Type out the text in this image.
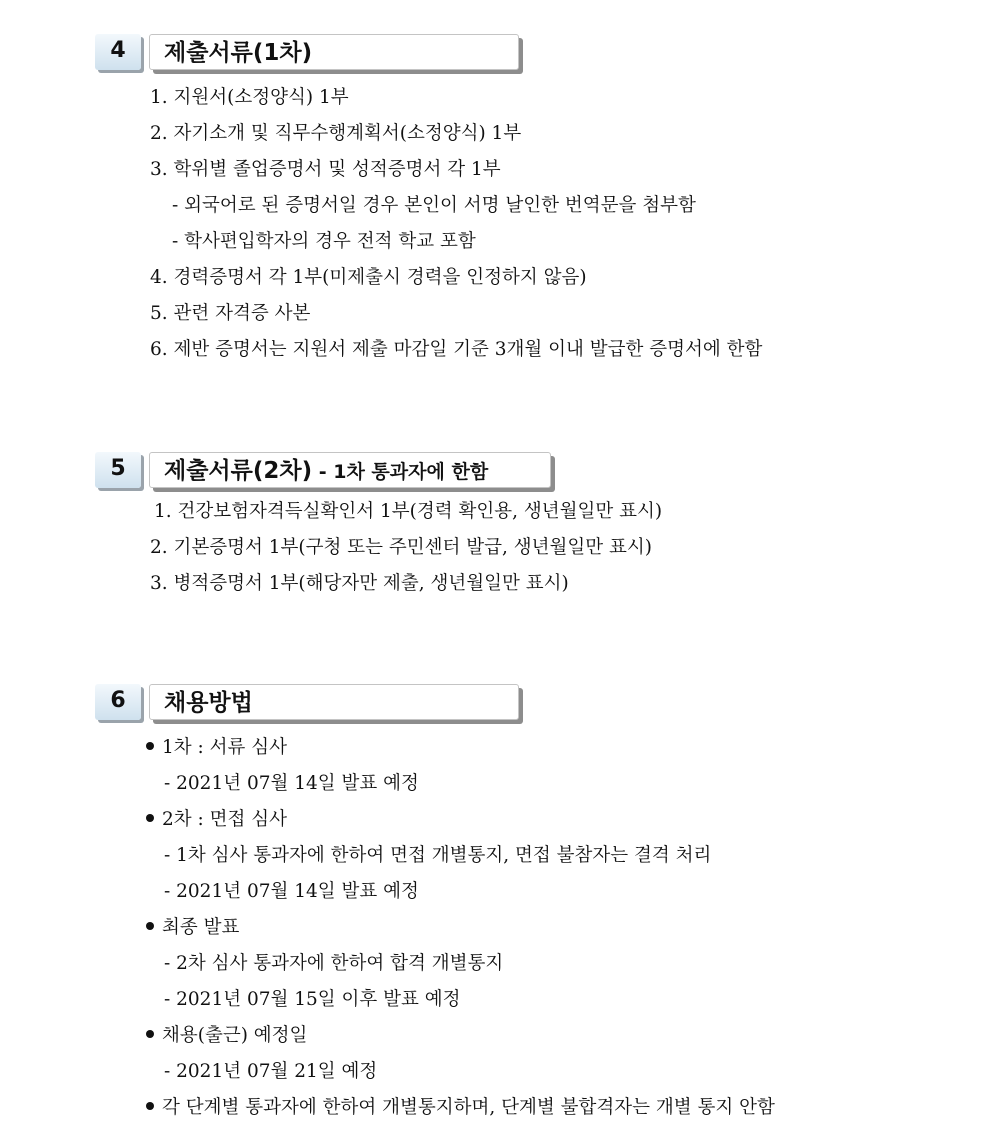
4	제출서류(1차)
1. 지원서(소정양식) 1부
2. 자기소개 및 직무수행계획서(소정양식) 1부
3. 학위별 졸업증명서 및 성적증명서 각 1부
- 외국어로 된 증명서일 경우 본인이 서명 날인한 번역문을 첨부함
- 학사편입학자의 경우 전적 학교 포함
4. 경력증명서 각 1부(미제출시 경력을 인정하지 않음)
5. 관련 자격증 사본
6. 제반 증명서는 지원서 제출 마감일 기준 3개월 이내 발급한 증명서에 한함
5	제출서류(2차) - 1차 통과자에 한함
1. 건강보험자격득실확인서 1부(경력 확인용, 생년월일만 표시)
2. 기본증명서 1부(구청 또는 주민센터 발급, 생년월일만 표시)
3. 병적증명서 1부(해당자만 제출, 생년월일만 표시)
6	채용방법
1차 : 서류 심사
- 2021년 07월 14일 발표 예정
2차 : 면접 심사
- 1차 심사 통과자에 한하여 면접 개별통지, 면접 불참자는 결격 처리
- 2021년 07월 14일 발표 예정
최종 발표
- 2차 심사 통과자에 한하여 합격 개별통지
- 2021년 07월 15일 이후 발표 예정
채용(출근) 예정일
- 2021년 07월 21일 예정
각 단계별 통과자에 한하여 개별통지하며, 단계별 불합격자는 개별 통지 안함
